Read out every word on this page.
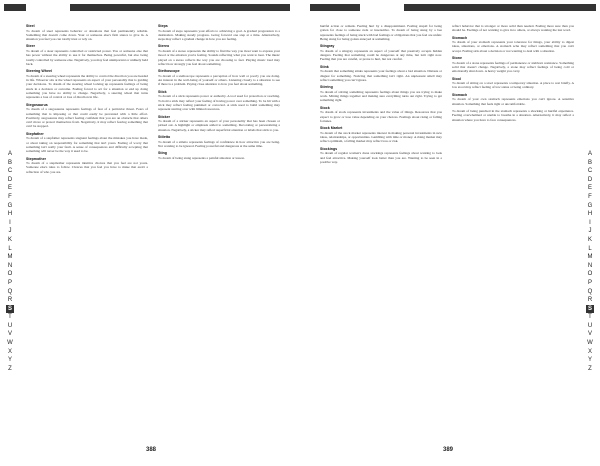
Steel
Steel
To dream of steel represents behavior or situations that feel permanently reliable. Something that doesn't come down. Your or someone else's firm stance to give in. A situation you feel you can totally trust or rely on.
Steer
To dream of a steer represents controlled or restricted power. You or someone else that has power without the ability to use it for themselves. Being powerful, but also being totally controlled by someone else. Negatively, you may feel unimportant or unlikely held back.
Steering Wheel
To dream of a steering wheel represents the ability to control the direction you are headed in life. Whoever sits at the wheel represents an aspect of your personality that is guiding your decisions. To dream of the steering wheel locking up represents feelings of being stuck in a decision or outcome. Feeling forced to act for a situation or end up doing something you have no ability to change. Negatively, a steering wheel that turns represents a loss of control or loss of direction in life.
Stegosaurus
To dream of a stegosaurus represents feelings of fear of a particular threat. Fears of something that is imposing or that could easily be prevented with a little effort. Positively, stegosaurus may reflect feeling confident that you are an obstacle that others can't move or protect themselves from. Negatively, it may reflect fearing something that can't be stopped.
Stepfather
To dream of a stepfather represents stagnant feelings about the mistakes you have made, or about taking on responsibility for something that isn't yours. Feeling of worry that something isn't really your fault. A sense of consequences and difficulty accepting that something will never be the way it used to be.
Stepmother
To dream of a stepmother represents intuitive choices that you feel are not yours. Someone else's rules to follow. Choices that you feel you have to make that aren't a reflection of who you are.
Steps
To dream of steps represents your efforts to achieving a goal. A gradual progression to a destination. Making steady progress. Going forward one step at a time. Alternatively, steps may reflect a gradual change in how you are feeling.
Stereo
To dream of a stereo represents the ability to find the way you most want to express your mood or the emotion you're feeling. Sounds reflecting what you want to hear. The music played on a stereo reflects the way you are choosing to feel. Playing music loud may reflect how strongly you feel about something.
Stethoscope
To dream of a stethoscope represents a perception of how well or poorly you are doing. An interest in the well-being of yourself or others. Listening closely to a situation to see if there is a problem. Paying close attention to how you feel about something.
Stick
To dream of a stick represents power or authority. A tool used for protection or reaching. To hold a stick may reflect your feeling of having power over something. To be hit with a stick may reflect feeling punished or corrected. A stick used to build something may represent starting over with limited resources.
Sticker
To dream of a sticker represents an aspect of your personality that has been chosen or picked out. A highlight or emphasis added to something. Decorating or personalizing a situation. Negatively, a sticker may reflect superficial attention or labels that stick to you.
Stiletto
To dream of a stiletto represents feelings of confidence in how attractive you are being. Not wanting to be ignored. Feeling powerful and dangerous at the same time.
Sting
To dream of being stung represents a painful situation or lesson.
A
B
C
D
E
F
G
H
I
J
K
L
M
N
O
P
Q
R
S
T
U
V
W
X
Y
Z
388
Sting
hurtful action or remark. Feeling hurt by a disappointment. Feeling stupid for being gotten for close to someone rude or insensitive. To dream of being stung by a bee represents feelings of being stuck with bad feelings or obligations that you feel are unfair. Being stung for being gotten annoyed at something.
Stingray
To dream of a stingray represents an aspect of yourself that passively accepts hidden dangers. Feeling that something could be dangerous at any time, but isn't right now. Feeling that you are careful, or prone to hurt, but not careful.
Stink
To dream that something stinks represents your feelings about a bad situation. Distaste or disgust for something. Noticing that something isn't right. An unpleasant smell may reflect something you can't ignore.
Stirring
To dream of stirring something represents feelings about things you are trying to make work. Mixing things together and making sure everything turns out right. Trying to get something right.
Stock
To dream of stock represents investments and the value of things. Resources that you expect to grow or lose value depending on your choices. Feelings about rising or falling fortunes.
Stock Market
To dream of the stock market represents interest in making personal investments in new ideas, relationships, or opportunities. Gambling with time or money. A rising market may reflect optimism, a falling market may reflect loss or risk.
Stockings
To dream of regular women's dress stockings represents feelings about wanting to look and feel attractive. Making yourself look better than you are. Wanting to be seen in a positive way.
reflect behavior that is stronger or more solid than needed. Feeling more sure than you should be. Feelings of not wanting to give in to others, or always wanting the last word.
Stomach
To dream of your stomach represents your tolerance for things, your ability to digest ideas, situations, or emotions. A stomach ache may reflect something that you can't accept. Feeling sick about a decision or not wanting to deal with a situation.
Stone
To dream of a stone represents feelings of permanence or stubborn resistance. Something solid that doesn't change. Negatively, a stone may reflect feelings of being cold or emotionally shut down. A heavy weight you carry.
Stool
To dream of sitting on a stool represents a temporary situation. A place to rest briefly. A low stool may reflect feeling of low status or being ordinary.
Stomach
To dream of your own stomach represents emotions you can't ignore. A sensitive situation. Something that feels tight or uncomfortable.
To dream of being punched in the stomach represents a shocking or hurtful experience. Feeling overwhelmed or unable to breathe in a situation. Alternatively, it may reflect a situation where you have to face consequences.
A
B
C
D
E
F
G
H
I
J
K
L
M
N
O
P
Q
R
S
T
U
V
W
X
Y
Z
389
